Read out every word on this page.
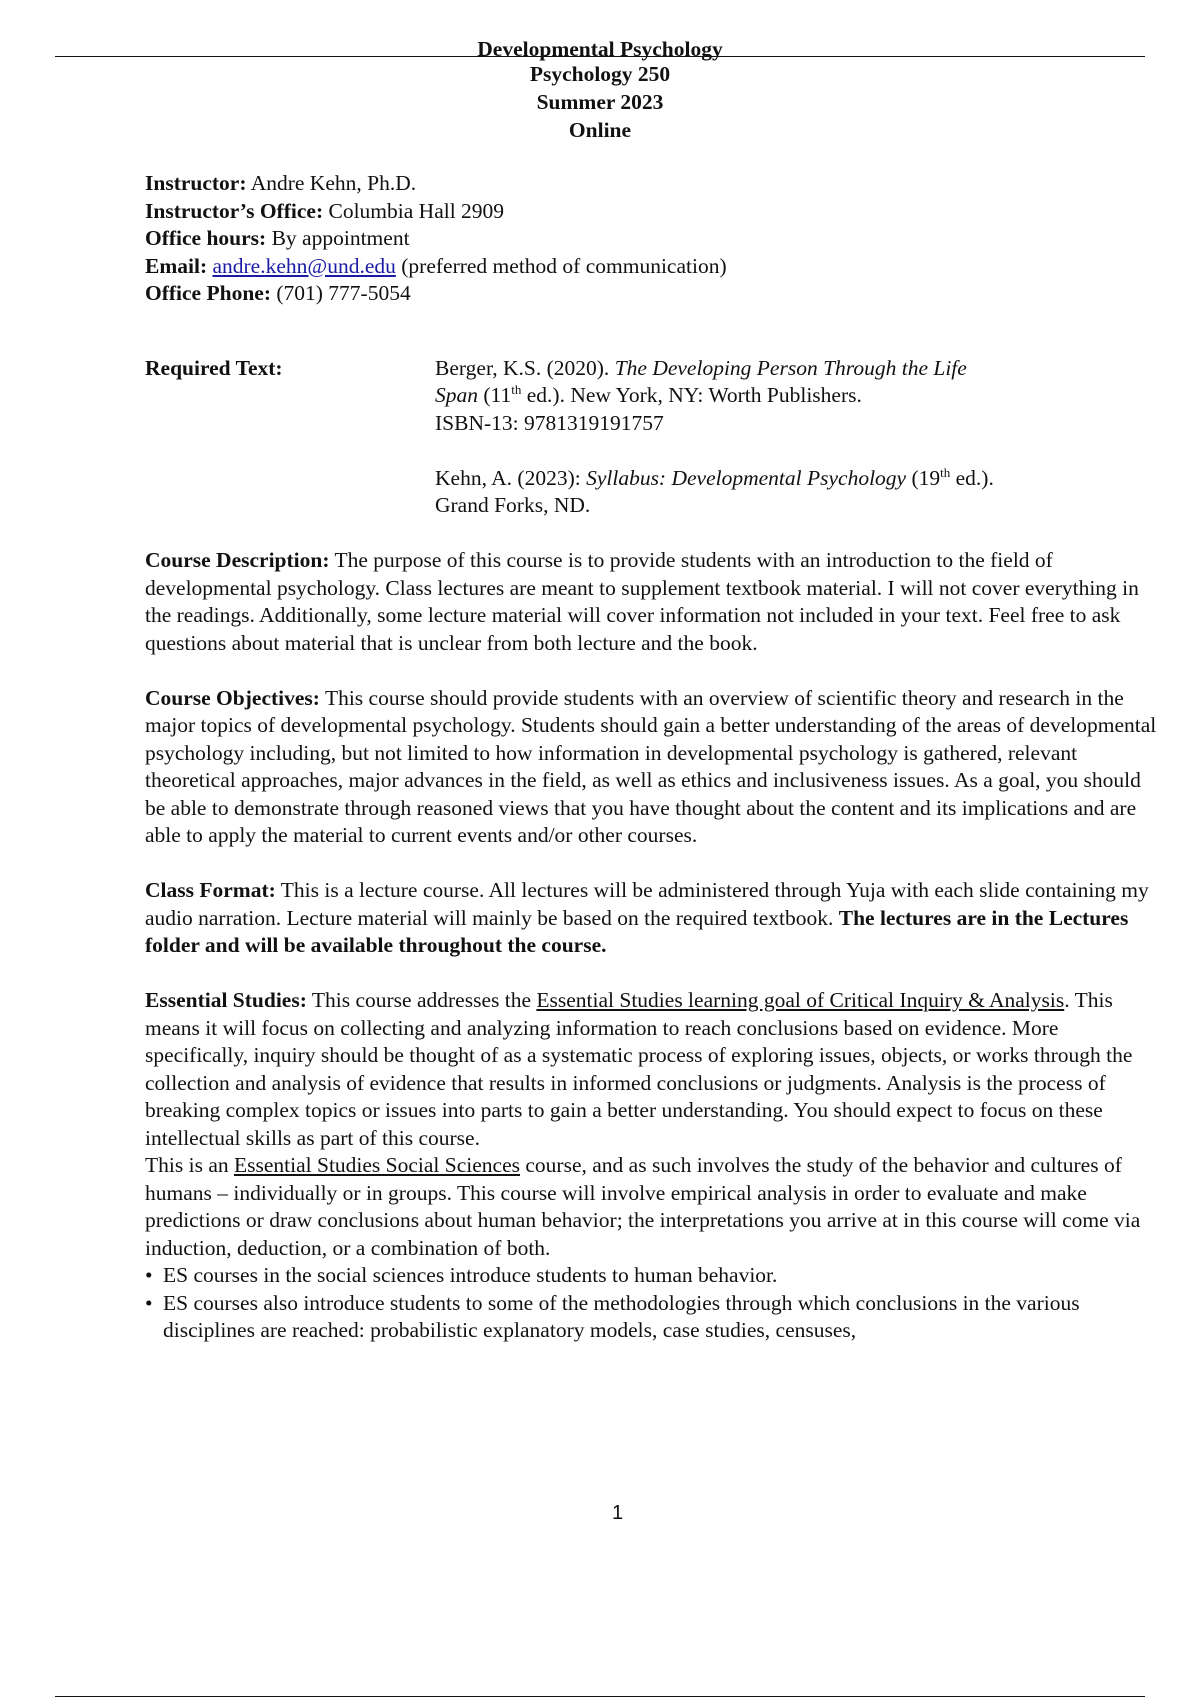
Developmental Psychology
Psychology 250
Summer 2023
Online
Instructor: Andre Kehn, Ph.D.
Instructor’s Office: Columbia Hall 2909
Office hours: By appointment
Email: andre.kehn@und.edu (preferred method of communication)
Office Phone: (701) 777-5054
Required Text:	Berger, K.S. (2020). The Developing Person Through the Life
Span (11th ed.). New York, NY: Worth Publishers.
ISBN-13: 9781319191757
Kehn, A. (2023): Syllabus: Developmental Psychology (19th ed.).
Grand Forks, ND.

Course Description: The purpose of this course is to provide students with an introduction to the field of developmental psychology. Class lectures are meant to supplement textbook material. I will not cover everything in the readings. Additionally, some lecture material will cover information not included in your text. Feel free to ask questions about material that is unclear from both lecture and the book.

Course Objectives: This course should provide students with an overview of scientific theory and research in the major topics of developmental psychology. Students should gain a better understanding of the areas of developmental psychology including, but not limited to how information in developmental psychology is gathered, relevant theoretical approaches, major advances in the field, as well as ethics and inclusiveness issues. As a goal, you should be able to demonstrate through reasoned views that you have thought about the content and its implications and are able to apply the material to current events and/or other courses.

Class Format: This is a lecture course. All lectures will be administered through Yuja with each slide containing my audio narration. Lecture material will mainly be based on the required textbook. The lectures are in the Lectures folder and will be available throughout the course.

Essential Studies: This course addresses the Essential Studies learning goal of Critical Inquiry & Analysis. This means it will focus on collecting and analyzing information to reach conclusions based on evidence. More specifically, inquiry should be thought of as a systematic process of exploring issues, objects, or works through the collection and analysis of evidence that results in informed conclusions or judgments. Analysis is the process of breaking complex topics or issues into parts to gain a better understanding. You should expect to focus on these intellectual skills as part of this course.

This is an Essential Studies Social Sciences course, and as such involves the study of the behavior and cultures of humans – individually or in groups. This course will involve empirical analysis in order to evaluate and make predictions or draw conclusions about human behavior; the interpretations you arrive at in this course will come via induction, deduction, or a combination of both.

• ES courses in the social sciences introduce students to human behavior.
• ES courses also introduce students to some of the methodologies through which conclusions in the various disciplines are reached: probabilistic explanatory models, case studies, censuses,
1
